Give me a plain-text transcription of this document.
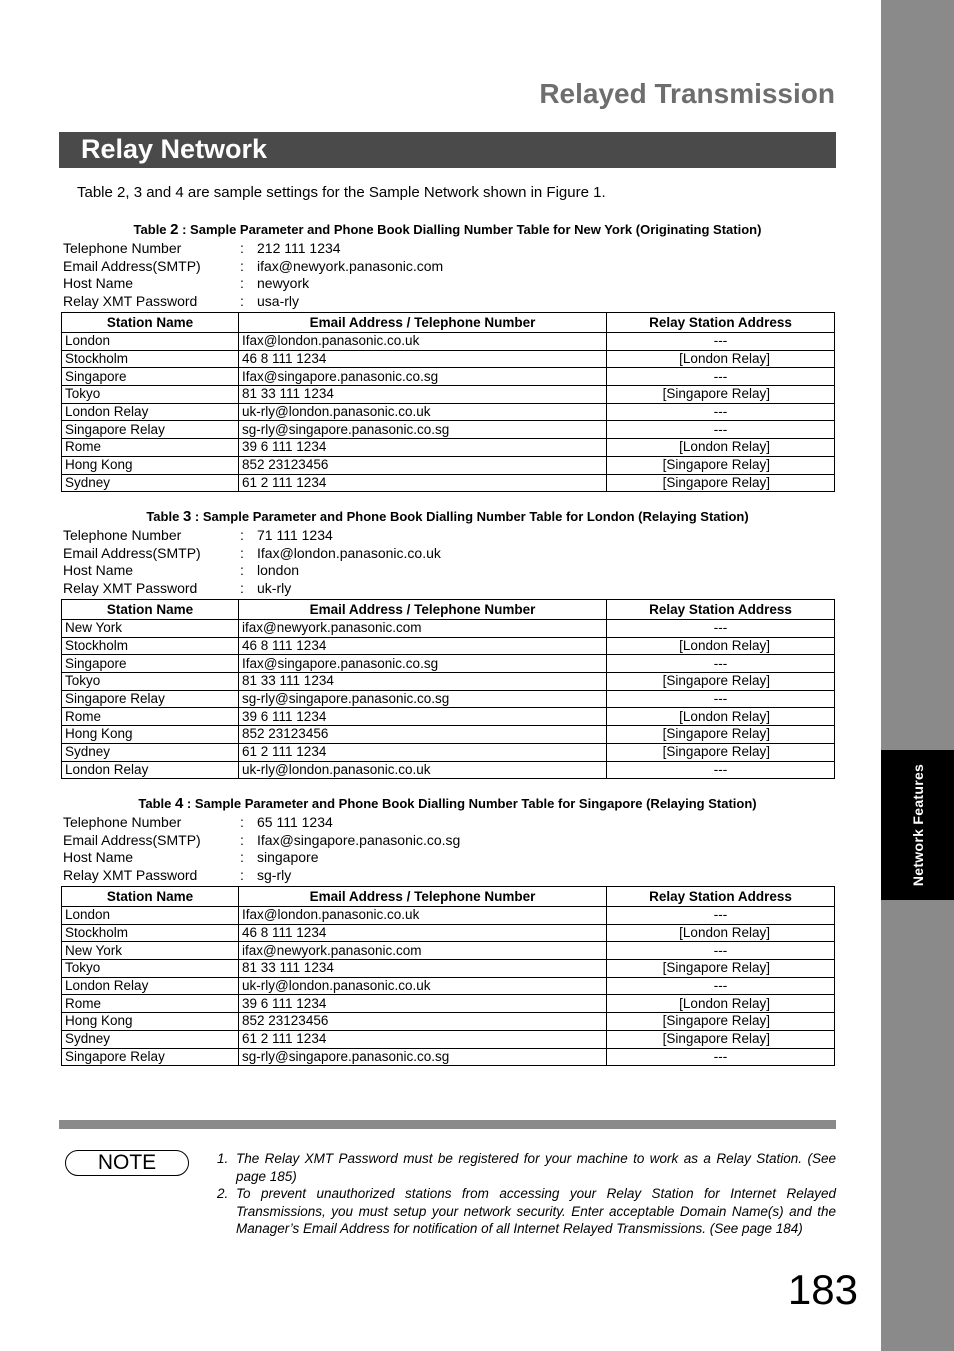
Network Features
Relayed Transmission
Relay Network
Table 2, 3 and 4 are sample settings for the Sample Network shown in Figure 1.
Table 2 : Sample Parameter and Phone Book Dialling Number Table for New York (Originating Station)
Telephone Number	: 212 111 1234
Email Address(SMTP)	: ifax@newyork.panasonic.com
Host Name	: newyork
Relay XMT Password	: usa-rly
Station Name	Email Address / Telephone Number	Relay Station Address
London	Ifax@london.panasonic.co.uk	---
Stockholm	46 8 111 1234	[London Relay]
Singapore	Ifax@singapore.panasonic.co.sg	---
Tokyo	81 33 111 1234	[Singapore Relay]
London Relay	uk-rly@london.panasonic.co.uk	---
Singapore Relay	sg-rly@singapore.panasonic.co.sg	---
Rome	39 6 111 1234	[London Relay]
Hong Kong	852 23123456	[Singapore Relay]
Sydney	61 2 111 1234	[Singapore Relay]
Table 3 : Sample Parameter and Phone Book Dialling Number Table for London (Relaying Station)
Telephone Number	: 71 111 1234
Email Address(SMTP)	: Ifax@london.panasonic.co.uk
Host Name	: london
Relay XMT Password	: uk-rly
Station Name	Email Address / Telephone Number	Relay Station Address
New York	ifax@newyork.panasonic.com	---
Stockholm	46 8 111 1234	[London Relay]
Singapore	Ifax@singapore.panasonic.co.sg	---
Tokyo	81 33 111 1234	[Singapore Relay]
Singapore Relay	sg-rly@singapore.panasonic.co.sg	---
Rome	39 6 111 1234	[London Relay]
Hong Kong	852 23123456	[Singapore Relay]
Sydney	61 2 111 1234	[Singapore Relay]
London Relay	uk-rly@london.panasonic.co.uk	---
Table 4 : Sample Parameter and Phone Book Dialling Number Table for Singapore (Relaying Station)
Telephone Number	: 65 111 1234
Email Address(SMTP)	: Ifax@singapore.panasonic.co.sg
Host Name	: singapore
Relay XMT Password	: sg-rly
Station Name	Email Address / Telephone Number	Relay Station Address
London	Ifax@london.panasonic.co.uk	---
Stockholm	46 8 111 1234	[London Relay]
New York	ifax@newyork.panasonic.com	---
Tokyo	81 33 111 1234	[Singapore Relay]
London Relay	uk-rly@london.panasonic.co.uk	---
Rome	39 6 111 1234	[London Relay]
Hong Kong	852 23123456	[Singapore Relay]
Sydney	61 2 111 1234	[Singapore Relay]
Singapore Relay	sg-rly@singapore.panasonic.co.sg	---
NOTE	1. The Relay XMT Password must be registered for your machine to work as a Relay Station. (See page 185)
2. To prevent unauthorized stations from accessing your Relay Station for Internet Relayed Transmissions, you must setup your network security. Enter acceptable Domain Name(s) and the Manager’s Email Address for notification of all Internet Relayed Transmissions. (See page 184)
183
